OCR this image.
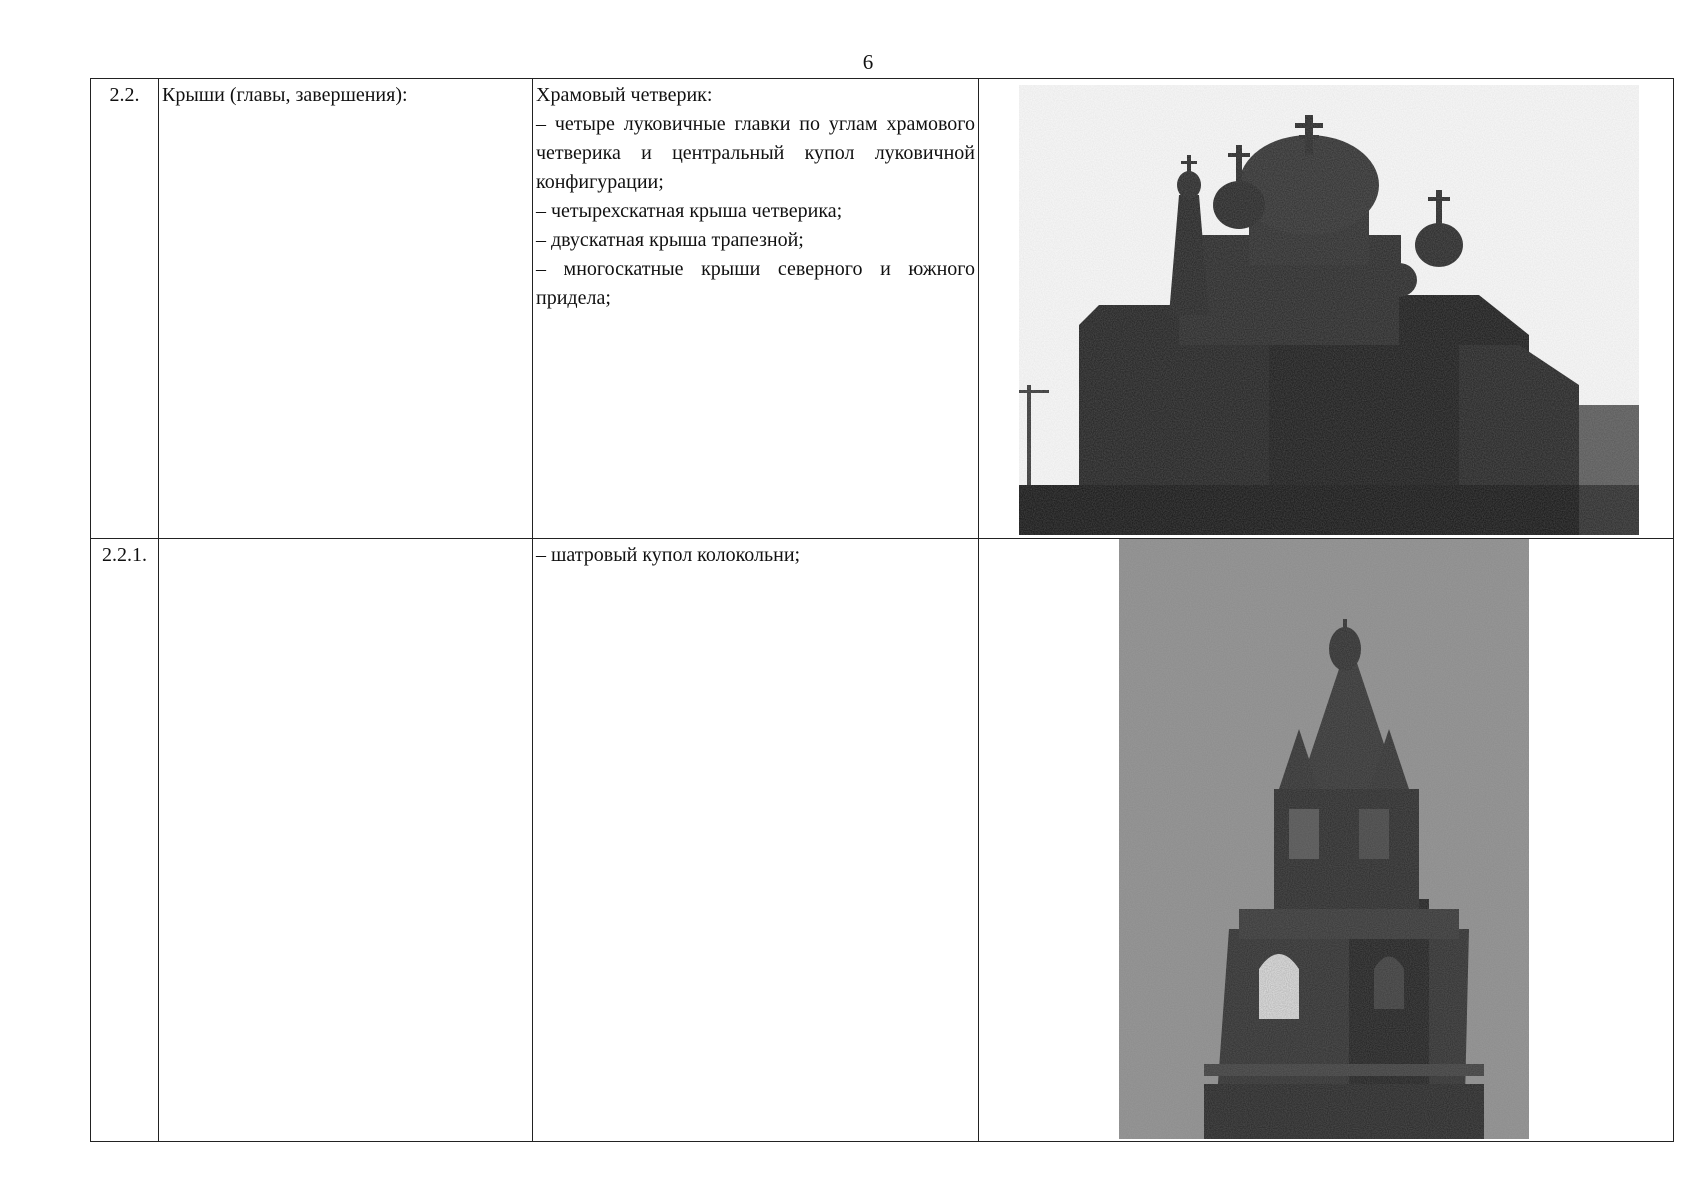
6
2.2.	Крыши (главы, завершения):	Храмовый четверик:
– четыре луковичные главки по углам храмового четверика и центральный купол луковичной конфигурации;
– четырехскатная крыша четверика;
– двускатная крыша трапезной;
– многоскатные крыши северного и южного придела;

2.2.1.		– шатровый купол колокольни;
